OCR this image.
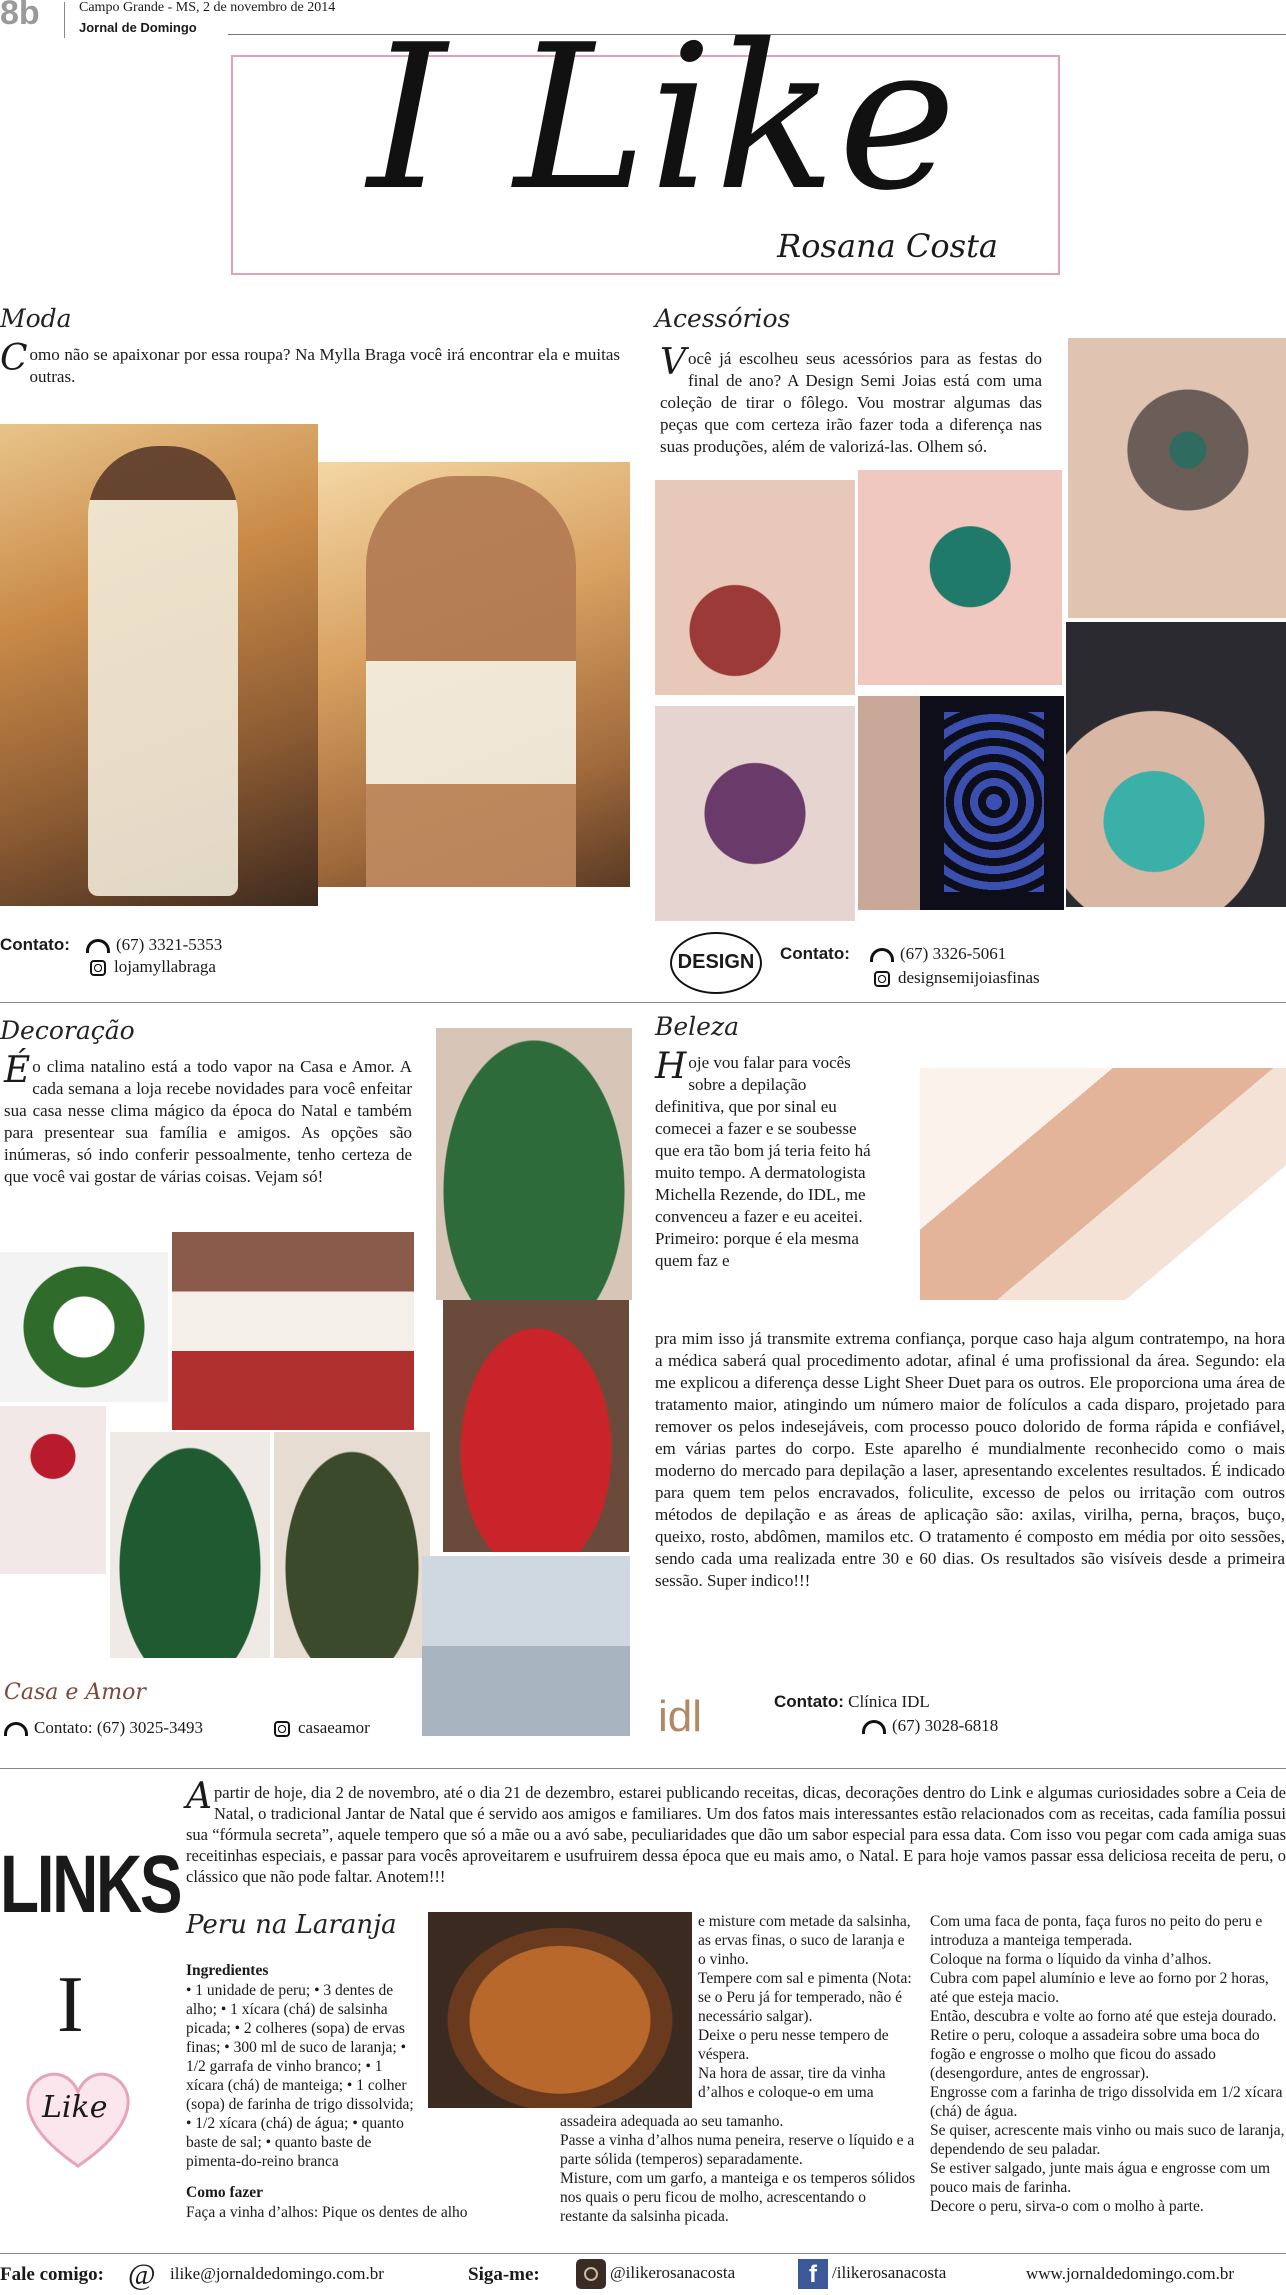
8b	Campo Grande - MS, 2 de novembro de 2014
Jornal de Domingo I Like
Rosana Costa
Moda
Como não se apaixonar por essa roupa? Na Mylla Braga você irá encontrar ela e muitas outras.
Contato:	(67) 3321-5353
lojamyllabraga
Acessórios
Você já escolheu seus acessórios para as festas do final de ano? A Design Semi Joias está com uma coleção de tirar o fôlego. Vou mostrar algumas das peças que com certeza irão fazer toda a diferença nas suas produções, além de valorizá-las. Olhem só.
DESIGN	Contato:	(67) 3326-5061
designsemijoiasfinas
Decoração
É o clima natalino está a todo vapor na Casa e Amor. A cada semana a loja recebe novidades para você enfeitar sua casa nesse clima mágico da época do Natal e também para presentear sua família e amigos. As opções são inúmeras, só indo conferir pessoalmente, tenho certeza de que você vai gostar de várias coisas. Vejam só!
Casa e Amor
Contato: (67) 3025-3493	casaeamor
Beleza
Hoje vou falar para vocês sobre a depilação definitiva, que por sinal eu comecei a fazer e se soubesse que era tão bom já teria feito há muito tempo. A dermatologista Michella Rezende, do IDL, me convenceu a fazer e eu aceitei. Primeiro: porque é ela mesma quem faz e
pra mim isso já transmite extrema confiança, porque caso haja algum contratempo, na hora a médica saberá qual procedimento adotar, afinal é uma profissional da área. Segundo: ela me explicou a diferença desse Light Sheer Duet para os outros. Ele proporciona uma área de tratamento maior, atingindo um número maior de folículos a cada disparo, projetado para remover os pelos indesejáveis, com processo pouco dolorido de forma rápida e confiável, em várias partes do corpo. Este aparelho é mundialmente reconhecido como o mais moderno do mercado para depilação a laser, apresentando excelentes resultados. É indicado para quem tem pelos encravados, foliculite, excesso de pelos ou irritação com outros métodos de depilação e as áreas de aplicação são: axilas, virilha, perna, braços, buço, queixo, rosto, abdômen, mamilos etc. O tratamento é composto em média por oito sessões, sendo cada uma realizada entre 30 e 60 dias. Os resultados são visíveis desde a primeira sessão. Super indico!!!
idl	Contato: Clínica IDL
(67) 3028-6818
LINKS
I
Like
A partir de hoje, dia 2 de novembro, até o dia 21 de dezembro, estarei publicando receitas, dicas, decorações dentro do Link e algumas curiosidades sobre a Ceia de Natal, o tradicional Jantar de Natal que é servido aos amigos e familiares. Um dos fatos mais interessantes estão relacionados com as receitas, cada família possui sua “fórmula secreta”, aquele tempero que só a mãe ou a avó sabe, peculiaridades que dão um sabor especial para essa data. Com isso vou pegar com cada amiga suas receitinhas especiais, e passar para vocês aproveitarem e usufruirem dessa época que eu mais amo, o Natal. E para hoje vamos passar essa deliciosa receita de peru, o clássico que não pode faltar. Anotem!!!
Peru na Laranja
Ingredientes
• 1 unidade de peru; • 3 dentes de alho; • 1 xícara (chá) de salsinha picada; • 2 colheres (sopa) de ervas finas; • 300 ml de suco de laranja; • 1/2 garrafa de vinho branco; • 1 xícara (chá) de manteiga; • 1 colher (sopa) de farinha de trigo dissolvida; • 1/2 xícara (chá) de água; • quanto baste de sal; • quanto baste de pimenta-do-reino branca
Como fazer
Faça a vinha d’alhos: Pique os dentes de alho
e misture com metade da salsinha, as ervas finas, o suco de laranja e o vinho.
Tempere com sal e pimenta (Nota: se o Peru já for temperado, não é necessário salgar).
Deixe o peru nesse tempero de véspera.
Na hora de assar, tire da vinha d’alhos e coloque-o em uma
assadeira adequada ao seu tamanho.
Passe a vinha d’alhos numa peneira, reserve o líquido e a parte sólida (temperos) separadamente.
Misture, com um garfo, a manteiga e os temperos sólidos nos quais o peru ficou de molho, acrescentando o restante da salsinha picada.
Com uma faca de ponta, faça furos no peito do peru e introduza a manteiga temperada.
Coloque na forma o líquido da vinha d’alhos.
Cubra com papel alumínio e leve ao forno por 2 horas, até que esteja macio.
Então, descubra e volte ao forno até que esteja dourado.
Retire o peru, coloque a assadeira sobre uma boca do fogão e engrosse o molho que ficou do assado (desengordure, antes de engrossar).
Engrosse com a farinha de trigo dissolvida em 1/2 xícara (chá) de água.
Se quiser, acrescente mais vinho ou mais suco de laranja, dependendo de seu paladar.
Se estiver salgado, junte mais água e engrosse com um pouco mais de farinha.
Decore o peru, sirva-o com o molho à parte.
Fale comigo: @ ilike@jornaldedomingo.com.br	Siga-me:	@ilikerosanacosta	f /ilikerosanacosta	www.jornaldedomingo.com.br
